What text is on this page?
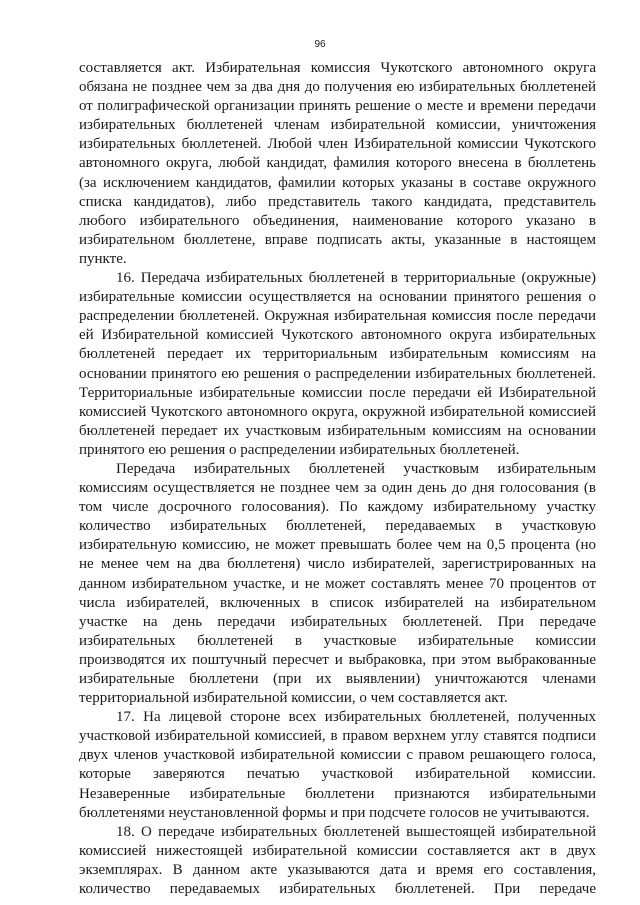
96

составляется акт. Избирательная комиссия Чукотского автономного округа обязана не позднее чем за два дня до получения ею избирательных бюллетеней от полиграфической организации принять решение о месте и времени передачи избирательных бюллетеней членам избирательной комиссии, уничтожения избирательных бюллетеней. Любой член Избирательной комиссии Чукотского автономного округа, любой кандидат, фамилия которого внесена в бюллетень (за исключением кандидатов, фамилии которых указаны в составе окружного списка кандидатов), либо представитель такого кандидата, представитель любого избирательного объединения, наименование которого указано в избирательном бюллетене, вправе подписать акты, указанные в настоящем пункте.

16. Передача избирательных бюллетеней в территориальные (окружные) избирательные комиссии осуществляется на основании принятого решения о распределении бюллетеней. Окружная избирательная комиссия после передачи ей Избирательной комиссией Чукотского автономного округа избирательных бюллетеней передает их территориальным избирательным комиссиям на основании принятого ею решения о распределении избирательных бюллетеней. Территориальные избирательные комиссии после передачи ей Избирательной комиссией Чукотского автономного округа, окружной избирательной комиссией бюллетеней передает их участковым избирательным комиссиям на основании принятого ею решения о распределении избирательных бюллетеней.

Передача избирательных бюллетеней участковым избирательным комиссиям осуществляется не позднее чем за один день до дня голосования (в том числе досрочного голосования). По каждому избирательному участку количество избирательных бюллетеней, передаваемых в участковую избирательную комиссию, не может превышать более чем на 0,5 процента (но не менее чем на два бюллетеня) число избирателей, зарегистрированных на данном избирательном участке, и не может составлять менее 70 процентов от числа избирателей, включенных в список избирателей на избирательном участке на день передачи избирательных бюллетеней. При передаче избирательных бюллетеней в участковые избирательные комиссии производятся их поштучный пересчет и выбраковка, при этом выбракованные избирательные бюллетени (при их выявлении) уничтожаются членами территориальной избирательной комиссии, о чем составляется акт.

17. На лицевой стороне всех избирательных бюллетеней, полученных участковой избирательной комиссией, в правом верхнем углу ставятся подписи двух членов участковой избирательной комиссии с правом решающего голоса, которые заверяются печатью участковой избирательной комиссии. Незаверенные избирательные бюллетени признаются избирательными бюллетенями неустановленной формы и при подсчете голосов не учитываются.

18. О передаче избирательных бюллетеней вышестоящей избирательной комиссией нижестоящей избирательной комиссии составляется акт в двух экземплярах. В данном акте указываются дата и время его составления, количество передаваемых избирательных бюллетеней. При передаче
